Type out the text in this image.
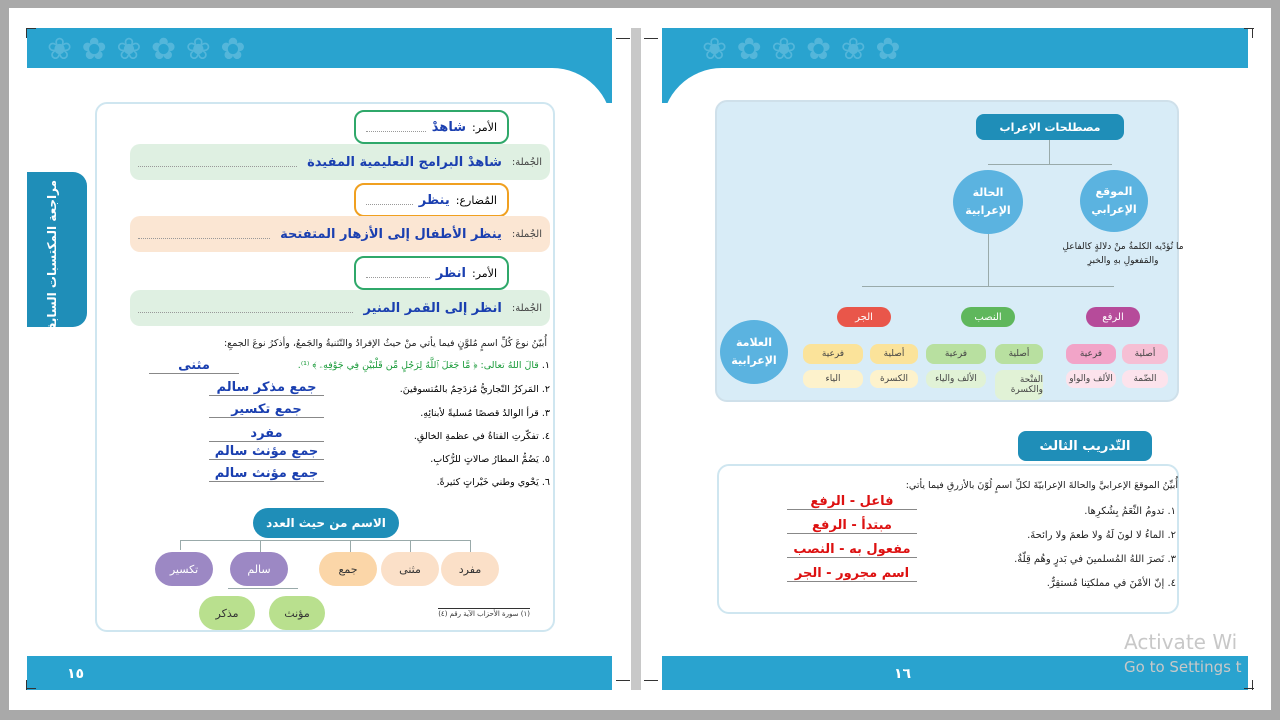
✿ ❀ ✿ ❀ ✿ ❀
١٥
الأمر:
شاهدْ
الجُملة:
شاهدْ البرامج التعليمية المفيدة
المُضارع:
ينظر
الجُملة:
ينظر الأطفال إلى الأزهار المتفتحة
الأمر:
انظر
الجُملة:
انظر إلى القمر المنير
أُبيّنُ نوعَ كُلِّ اسمٍ مُلوَّنٍ فيما يأتي منْ حيثُ الإفرادُ والتّثنيةُ والجَمعُ، وأذكرُ نوعَ الجمعِ:
١. قالَ اللهُ تعالى: ﴿ مَّا جَعَلَ ٱللَّهُ لِرَجُلٍ مِّن قَلْبَيْنِ فِي جَوْفِهِۦ ﴾ ⁽¹⁾.
٢. المَركزُ التّجاريُّ مُزدَحِمٌ بالمُتسوقينَ.
٣. قرأ الوالدُ قصصًا مُسليةً لأبنائِهِ.
٤. تفكّرتِ الفتاةُ في عظمةِ الخالقِ.
٥. يَضُمُّ المطارُ صالاتٍ للرُّكابِ.
٦. يَحْوي وطني خَيْراتٍ كثيرةً.
مثنى
جمع مذكر سالم
جمع تكسير
مفرد
جمع مؤنث سالم
جمع مؤنث سالم
الاسم من حيث العدد
مفرد
مثنى
جمع
سالم
تكسير
مؤنث
مذكر	(١) سورة الأحزاب الآية رقم (٤)
مراجعة المكتسبات السابقة
✿ ❀ ✿ ❀ ✿ ❀
١٦
مصطلحات الإعراب
الموقع الإعرابي
الحالة الإعرابية
ما تُؤدّيه الكلمةُ منْ دلالةٍ كالفاعلِ والمَفعولِ بهِ والخبرِ
الرفع
النصب
الجر
العلامة الإعرابية	أصلية
فرعية
أصلية
فرعية
أصلية
فرعية
الضّمة
الألف والواو
الفتْحة والكسرة
الألف والياء
الكسرة
الياء
التّدريب الثالث
أُبيِّنُ الموقعَ الإعرابيَّ والحالةَ الإعرابيّةَ لكلِّ اسمٍ لُوّنَ بالأزرقِ فيما يأتي:
١. تدومُ النِّعَمُ بِشُكرِها.
٢. الماءُ لا لونَ لَهُ ولا طعمَ ولا رائحةَ.
٣. نَصرَ اللهُ المُسلمينَ في بَدرٍ وهُم قِلّةٌ.
٤. إنّ الأمْنَ في مملكتِنا مُستقِرٌّ.
فاعل - الرفع
مبتدأ - الرفع
مفعول به - النصب
اسم مجرور - الجر
Activate Wi
Go to Settings t
